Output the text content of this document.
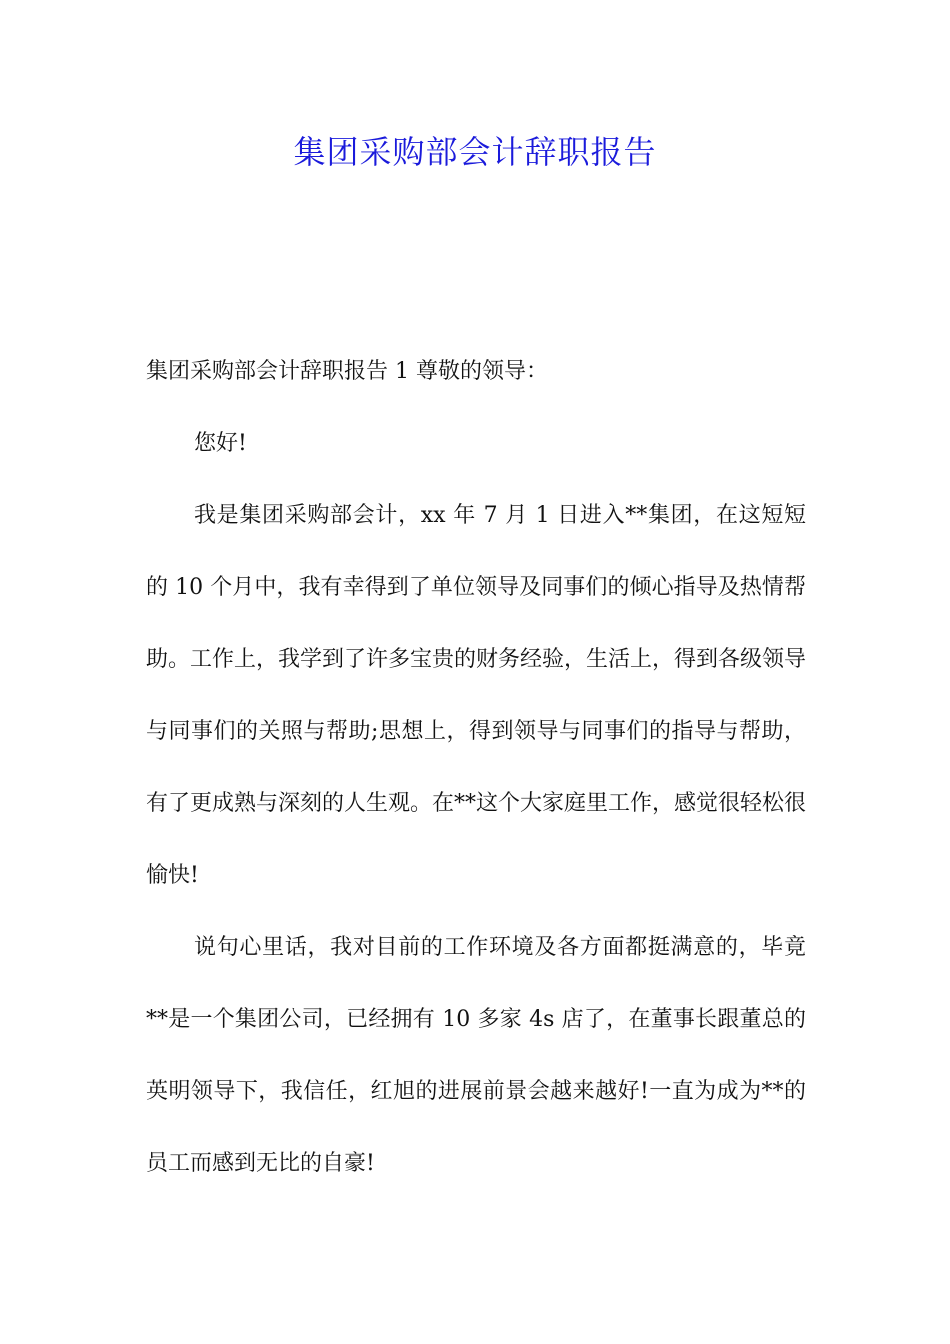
集团采购部会计辞职报告

集团采购部会计辞职报告 1 尊敬的领导：

您好!

我是集团采购部会计，xx 年 7 月 1 日进入**集团，在这短短的 10 个月中，我有幸得到了单位领导及同事们的倾心指导及热情帮助。工作上，我学到了许多宝贵的财务经验，生活上，得到各级领导与同事们的关照与帮助;思想上，得到领导与同事们的指导与帮助，有了更成熟与深刻的人生观。在**这个大家庭里工作，感觉很轻松很愉快!

说句心里话，我对目前的工作环境及各方面都挺满意的，毕竟**是一个集团公司，已经拥有 10 多家 4s 店了，在董事长跟董总的英明领导下，我信任，红旭的进展前景会越来越好!一直为成为**的员工而感到无比的自豪!
